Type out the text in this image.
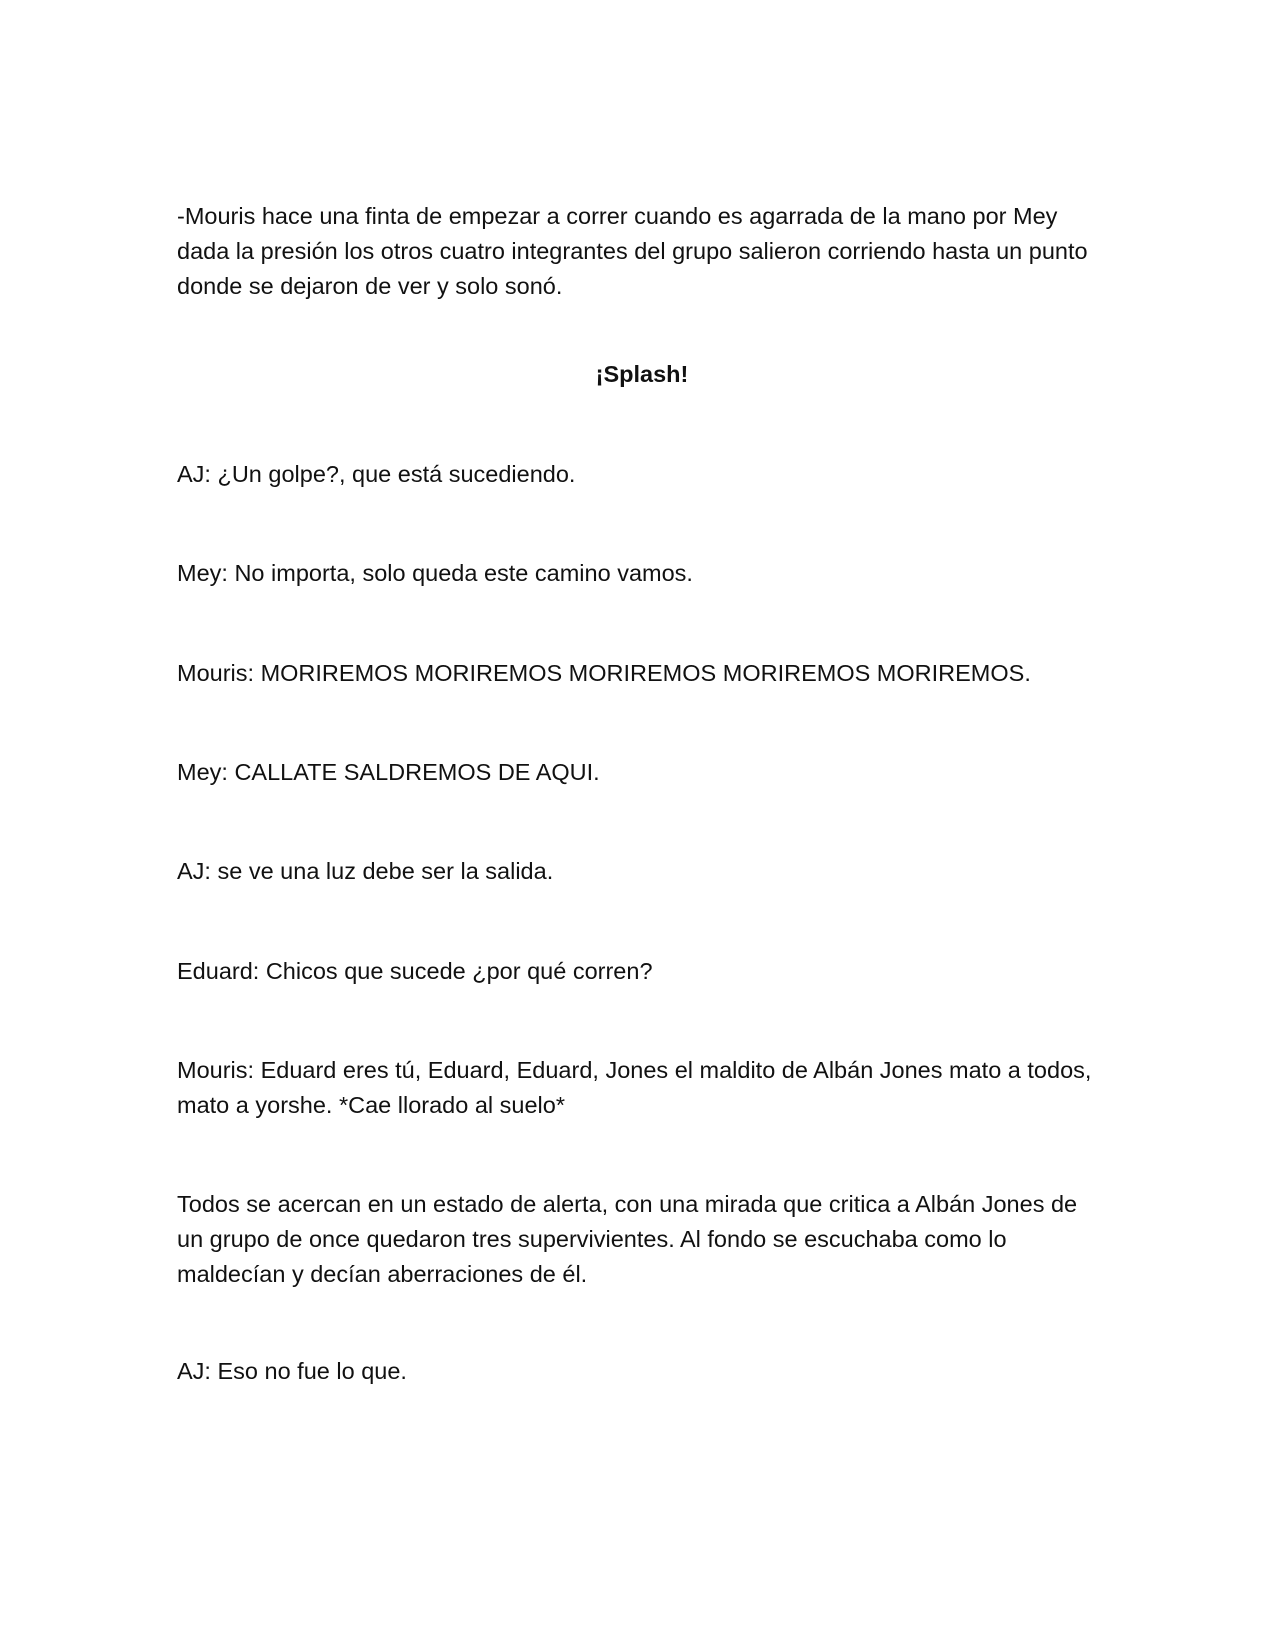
-Mouris hace una finta de empezar a correr cuando es agarrada de la mano por Mey dada la presión los otros cuatro integrantes del grupo salieron corriendo hasta un punto donde se dejaron de ver y solo sonó.

¡Splash!

AJ: ¿Un golpe?, que está sucediendo.

Mey: No importa, solo queda este camino vamos.

Mouris: MORIREMOS MORIREMOS MORIREMOS MORIREMOS MORIREMOS.

Mey: CALLATE SALDREMOS DE AQUI.

AJ: se ve una luz debe ser la salida.

Eduard: Chicos que sucede ¿por qué corren?

Mouris: Eduard eres tú, Eduard, Eduard, Jones el maldito de Albán Jones mato a todos, mato a yorshe. *Cae llorado al suelo*

Todos se acercan en un estado de alerta, con una mirada que critica a Albán Jones de un grupo de once quedaron tres supervivientes. Al fondo se escuchaba como lo maldecían y decían aberraciones de él.

AJ: Eso no fue lo que.
